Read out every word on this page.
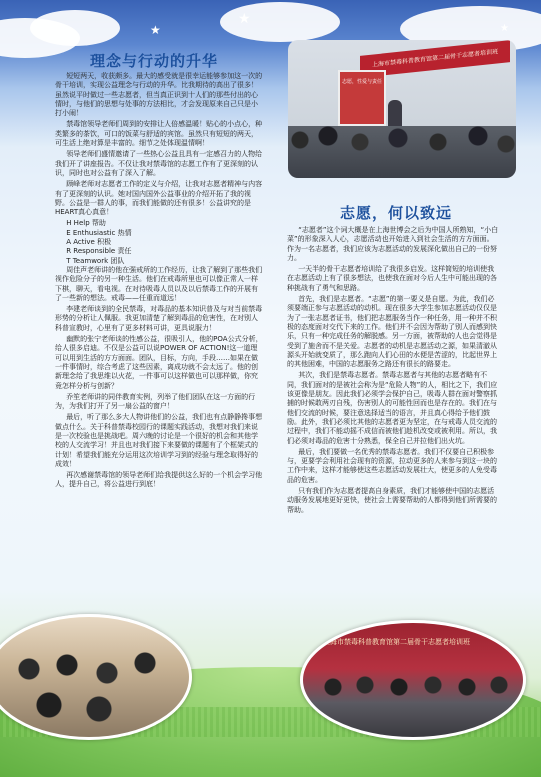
★
★
★
理念与行动的升华

短短两天，收获颇多。最大的感受就是很幸运能够参加这一次的骨干培训，实现公益理念与行动的升华。比我期待的高出了很多！虽然说平时做过一些志愿者，但当真正识到十人们的那些付出的心情时，与他们的思想与处事的方法相比，才会发现原来自己只是小打小闹！

禁毒馆领导老师们周到的安排让人倍感温暖！贴心的小点心，种类繁多的茶饮，可口的饭菜与舒适的宾馆。虽然只有短短的两天，可生活上绝对算是丰富的。细节之处体现温情啊！

领导老师们盛情邀请了一些热心公益且具有一定感召力的人物给我们开了讲座报告。不仅让我对禁毒馆的志愿工作有了更深刻的认识，同时也对公益有了深入了解。

顾峰老师对志愿者工作的定义与介绍，让我对志愿者精神与内容有了更深刻的认识。她对国内国外公益事业的介绍开拓了我的视野。公益是一群人的事，而我们能做的还有很多！公益讲究的是HEART真心真意！

H Help 帮助
E Enthusiastic 热情
A Active 积极
R Responsible 责任
T Teamwork 团队

周佳声老师讲的他在强戒所的工作经历，让我了解到了那些我们视作危险分子的另一种生活。他们在戒毒所里也可以像正常人一样下棋，聊天，看电视。在对待吸毒人员以及以后禁毒工作的开展有了一些新的想法。戒毒——任重而道远！

李建老师谈到的全民禁毒，对毒品的基本知识普及与对当前禁毒形势的分析让人佩服。我更加清楚了解到毒品的危害性，在对别人科普宣教时，心里有了更多材料可讲，更具说服力！

幽默的张宁老师谈的性感公益，很吸引人，他的POA公式分析，给人很多启迪。不仅是公益可以说POWER OF ACTION!这一道理可以用到生活的方方面面。团队，目标，方向，手段……如果在做一件事情时，综合考虑了这些因素，离成功就不会太远了。他的创新理念给了我思维以火花，一件事可以这样做也可以那样做，你究竟怎样分析与创新？

乔笙老师讲的同伴教育实例，列举了他们团队在这一方面的行为，为我们打开了另一扇公益的窗户！

最后，听了那么多大人物讲他们的公益，我们也有点静静搀事想做点什么。关于科普禁毒校园行的课题实践活动，我想对我们来说是一次校验也是挑战吧。周六晚的讨论是一个很好的机会和其他学校的人交流学习！并且也对我们接下来要做的课题有了个框架式的计划！希望我们能充分运用这次培训学习到的经验与理念取得好的成效！

再次感谢禁毒馆的领导老师们给我提供这么好的一个机会学习他人，提升自己，将公益进行到底！

上海市禁毒科普教育馆第二届骨干志愿者培训班
志愿，性爱与责任
志愿，何以致远

“志愿者”这个词大概是在上海世博会之后为中国人所熟知，“小白菜”的形象深入人心，志愿活动也开始进入到社会生活的方方面面。作为一名志愿者，我们应该为志愿活动的发展深化做出自己的一份努力。

一天半的骨干志愿者培训给了我很多启发。这样简短的培训使我在志愿活动上有了很多想法，也使我在面对今后人生中可能出现的各种挑战有了勇气和思路。

首先，我们是志愿者。“志愿”的第一要义是自愿。为此，我们必须要端正参与志愿活动的动机。现在很多大学生参加志愿活动仅仅是为了一张志愿者证书，他们把志愿服务当作一种任务，用一种并不积极的态度面对交代下来的工作。他们并不会因为帮助了别人而感到快乐，只有一种完成任务的解脱感。另一方面，被帮助的人也会觉得是受到了施舍而不是关爱。志愿者的动机是志愿活动之源，如果清澈从源头开始就变质了，那么跑向人们心田的水便是苦涩的，比起世界上的其他困难，中国的志愿服务之路还有很长的路要走。

其次，我们是禁毒志愿者。禁毒志愿者与其他的志愿者略有不同，我们面对的是被社会称为是“危险人物”的人，相比之下，我们应该更像是朋友。因此我们必须学会保护自己，吸毒人群在面对警察抓捕的时候敢两刃自残，伤害别人的可能性回而也是存在的。我们在与他们交流的时候，要注意选择适当的语言，并且真心得给予他们鼓励。此外，我们必须比其他的志愿者更为坚定，在与戒毒人员交流的过程中，我们不能动摇不成信而被他们趁机改变或被利用。所以，我们必须对毒品的危害十分熟悉，保全自己并拉他们出火坑。

最后，我们要做一名优秀的禁毒志愿者。我们不仅要自己积极参与，更要学会利用社会现有的资源，拉动更多的人来参与到这一块的工作中来，这样才能够使这些志愿活动发展壮大，使更多的人免受毒品的危害。

只有我们作为志愿者提高自身素质，我们才能够使中国的志愿活动服务发展地更好更快，使社会上需要帮助的人都得到他们所需要的帮助。

上海市禁毒科普教育馆第二届骨干志愿者培训班
